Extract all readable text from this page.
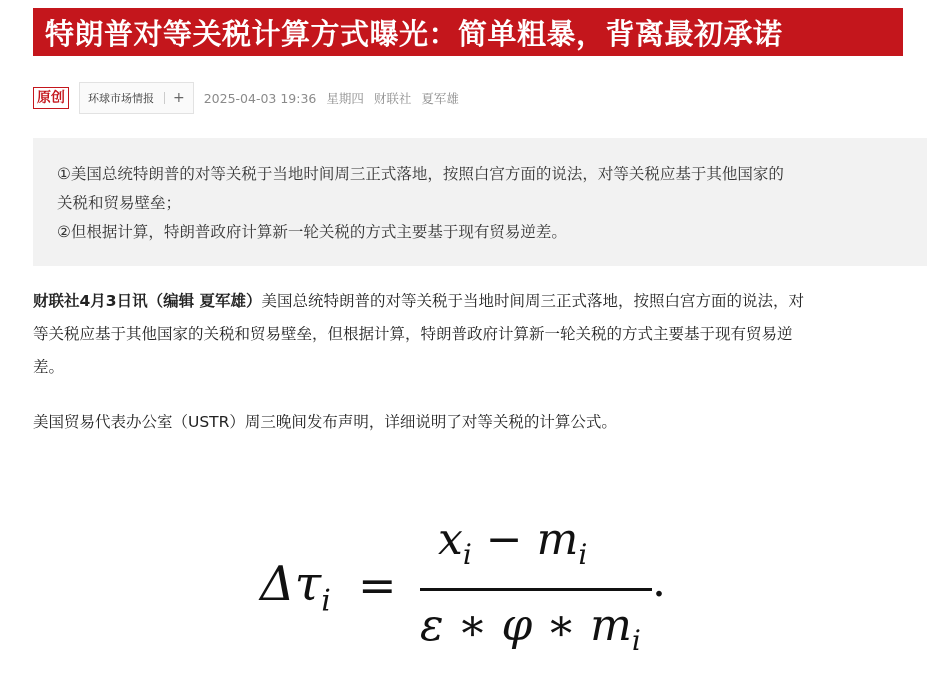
特朗普对等关税计算方式曝光：简单粗暴，背离最初承诺
原创	环球市场情报 + 2025-04-03 19:36 星期四 财联社 夏军雄

①美国总统特朗普的对等关税于当地时间周三正式落地，按照白宫方面的说法，对等关税应基于其他国家的

关税和贸易壁垒；

②但根据计算，特朗普政府计算新一轮关税的方式主要基于现有贸易逆差。

财联社4月3日讯（编辑 夏军雄）美国总统特朗普的对等关税于当地时间周三正式落地，按照白宫方面的说法，对
等关税应基于其他国家的关税和贸易壁垒，但根据计算，特朗普政府计算新一轮关税的方式主要基于现有贸易逆
差。
美国贸易代表办公室（USTR）周三晚间发布声明，详细说明了对等关税的计算公式。
$\Delta\tau_i$ =
$x_i - m_i$
ε ∗ φ ∗ $m_i$
.
